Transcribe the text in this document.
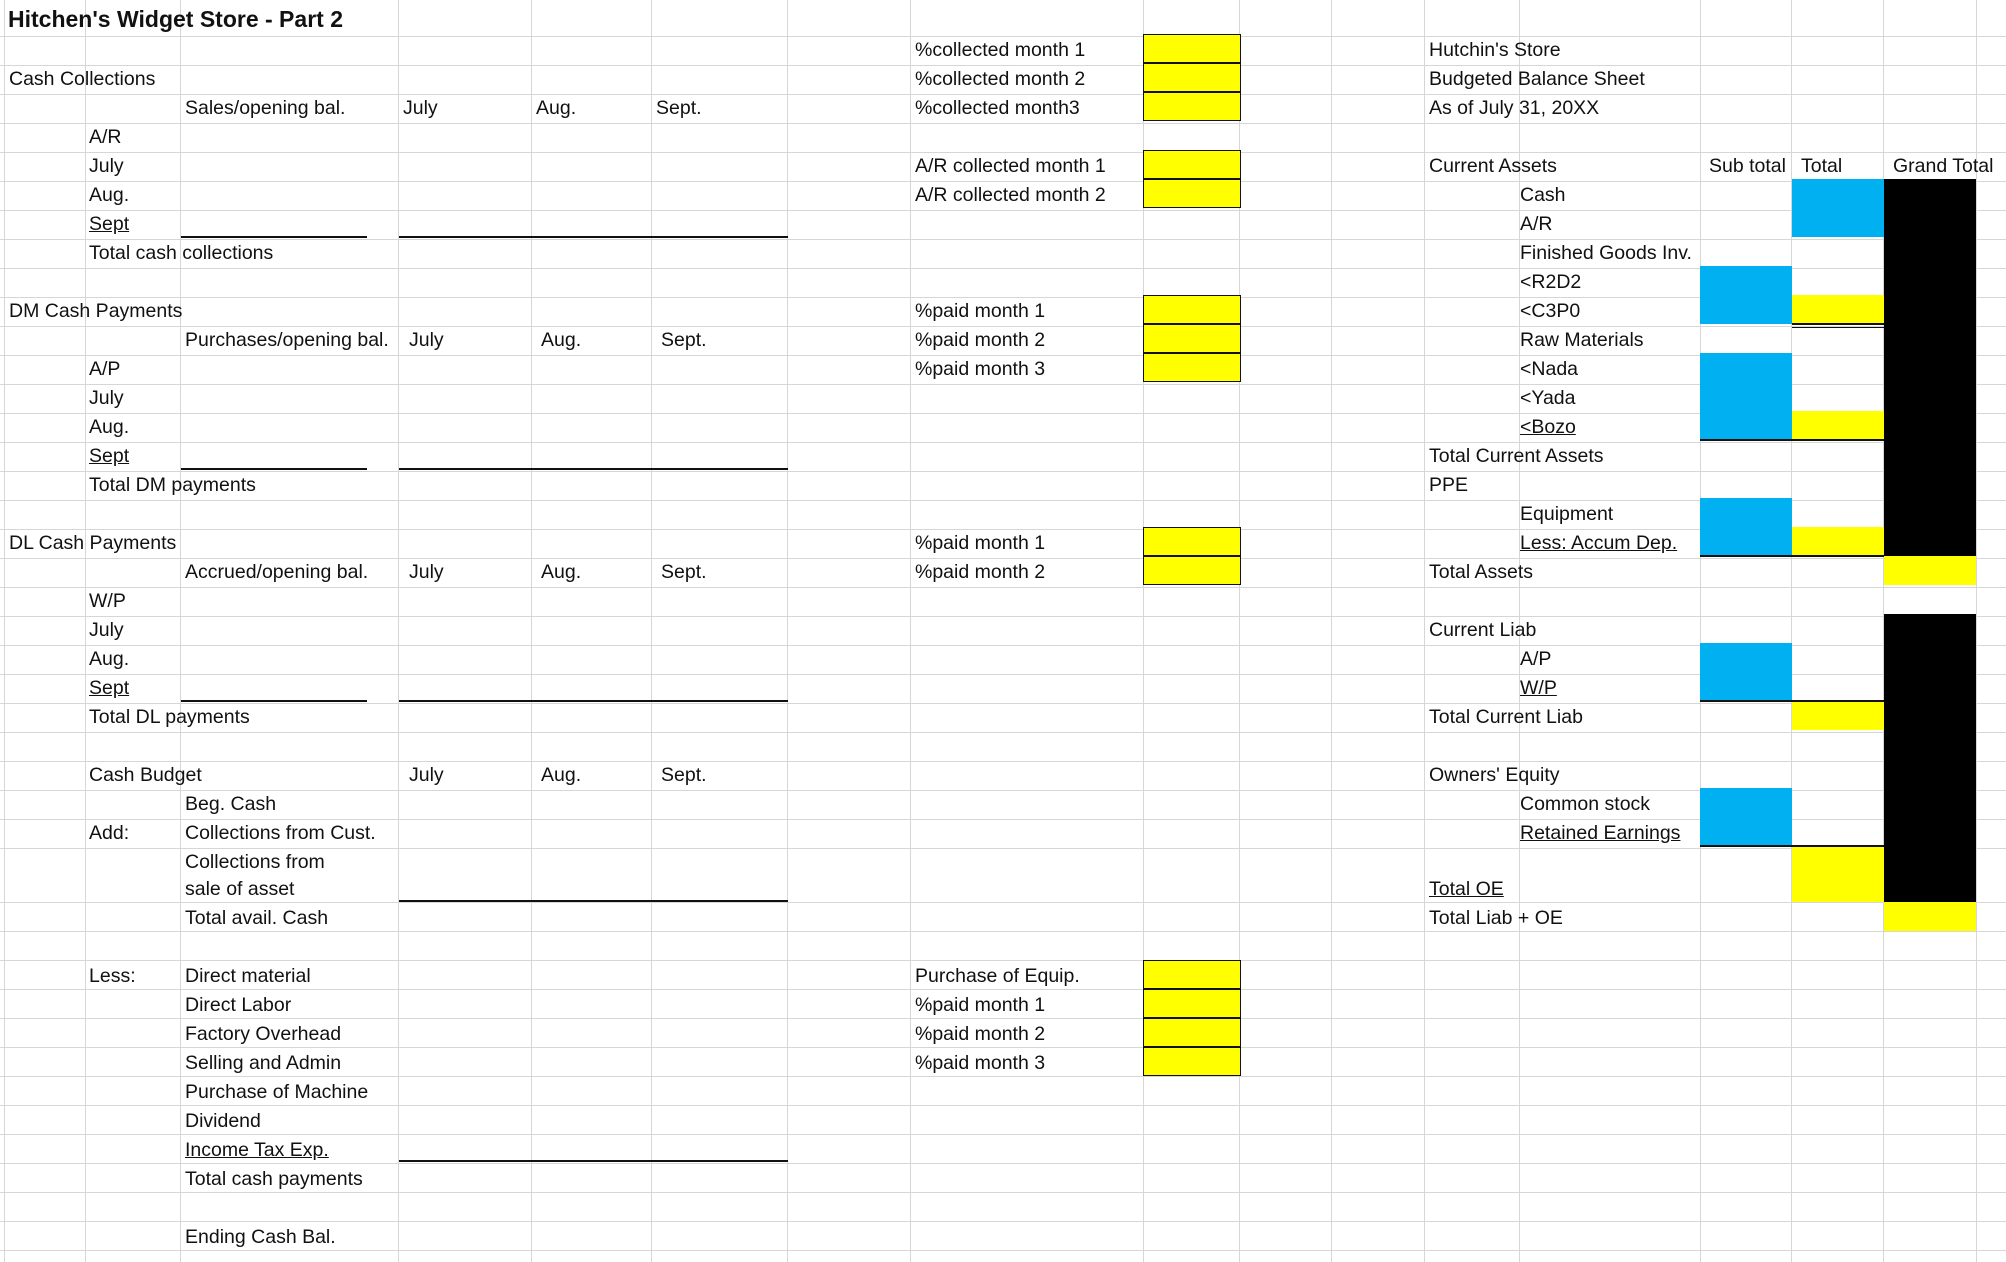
Hitchen's Widget Store - Part 2
Cash Collections
Sales/opening bal.	July	Aug.	Sept.
A/R
July
Aug.
Sept
Total cash collections
DM Cash Payments
Purchases/opening bal. July	Aug.	Sept.
A/P
July
Aug.
Sept
Total DM payments
DL Cash Payments
Accrued/opening bal. July	Aug.	Sept.
W/P
July
Aug.
Sept
Total DL payments
Cash Budget	July	Aug.	Sept.
Beg. Cash
Add:	Collections from Cust.
Collections from
sale of asset
Total avail. Cash
Less:	Direct material
Direct Labor
Factory Overhead
Selling and Admin
Purchase of Machine
Dividend
Income Tax Exp.
Total cash payments
Ending Cash Bal.
%collected month 1
%collected month 2
%collected month3
A/R collected month 1
A/R collected month 2
%paid month 1
%paid month 2
%paid month 3
%paid month 1
%paid month 2
Purchase of Equip.
%paid month 1
%paid month 2
%paid month 3
Hutchin's Store
Budgeted Balance Sheet
As of July 31, 20XX
Current Assets	Sub total Total	Grand Total
Cash
A/R
Finished Goods Inv.
<R2D2
<C3P0
Raw Materials
<Nada
<Yada
<Bozo
Total Current Assets
PPE
Equipment
Less: Accum Dep.
Total Assets
Current Liab
A/P
W/P
Total Current Liab
Owners' Equity
Common stock
Retained Earnings
Total OE
Total Liab + OE
